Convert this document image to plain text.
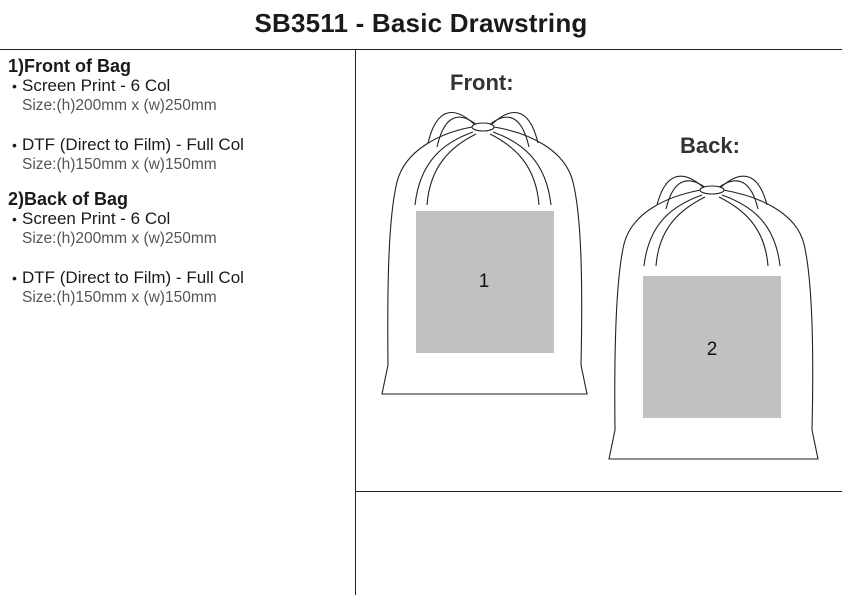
SB3511 - Basic Drawstring
1)Front of Bag
• Screen Print - 6 Col
Size:(h)200mm x (w)250mm
• DTF (Direct to Film) - Full Col
Size:(h)150mm x (w)150mm
2)Back of Bag
• Screen Print - 6 Col
Size:(h)200mm x (w)250mm
• DTF (Direct to Film) - Full Col
Size:(h)150mm x (w)150mm
Front:
Back:
1
2
